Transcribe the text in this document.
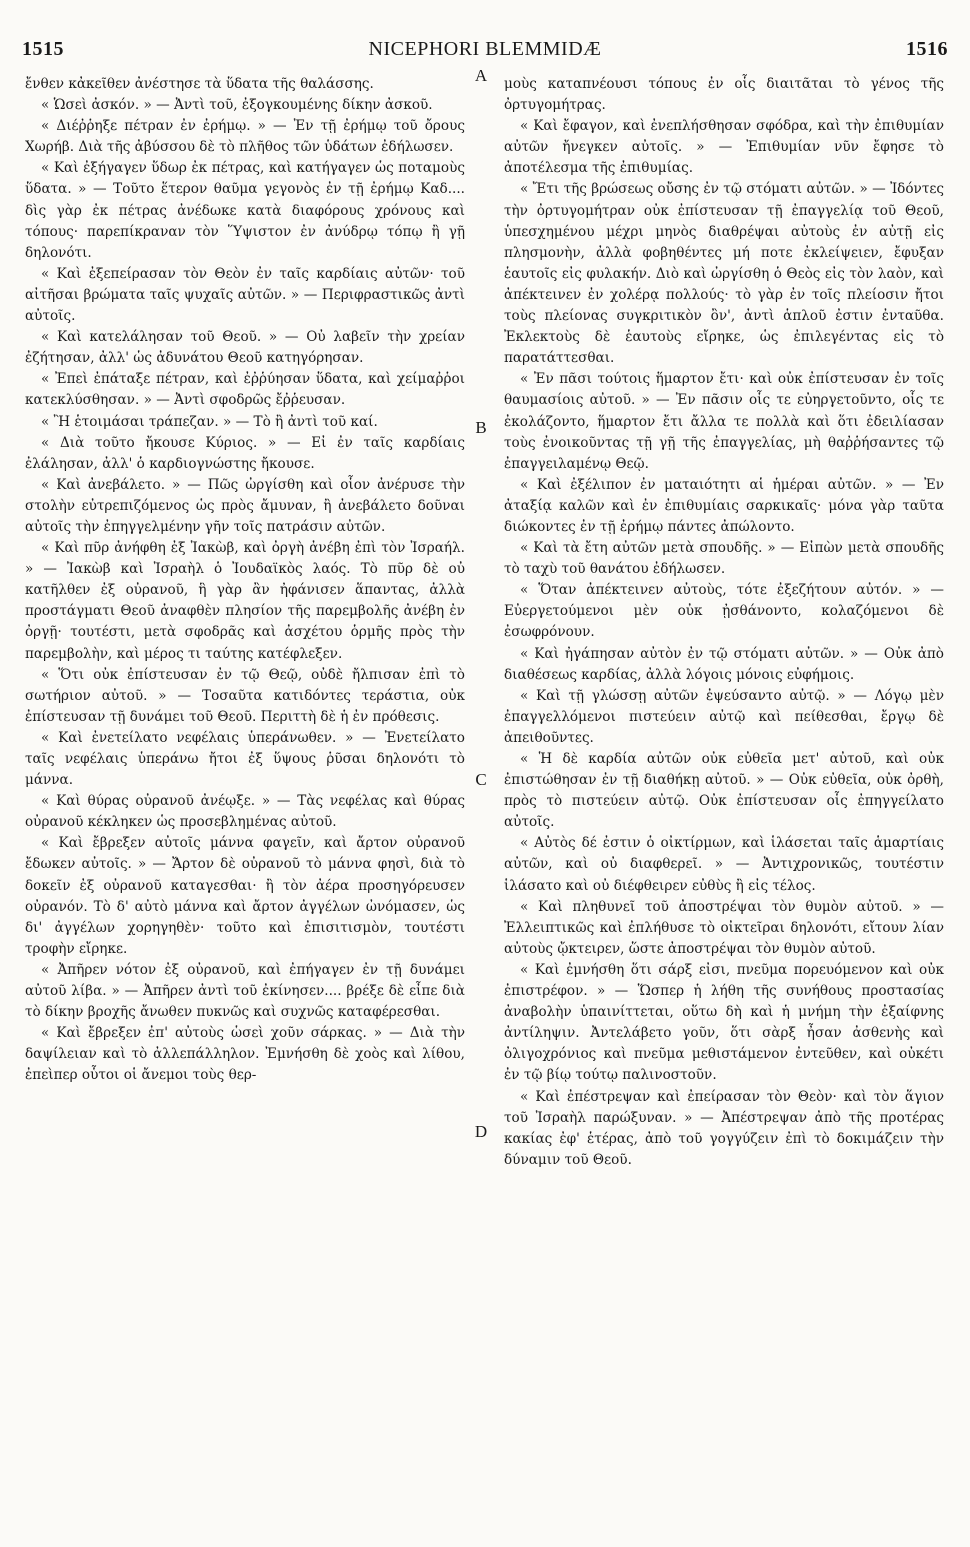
1515	NICEPHORI BLEMMIDÆ	1516
A
B
C
D

ἔνθεν κἀκεῖθεν ἀνέστησε τὰ ὕδατα τῆς θαλάσσης.

« Ὡσεὶ ἀσκόν. » — Ἀντὶ τοῦ, ἐξογκουμένης δίκην ἀσκοῦ.

« Διέῤῥηξε πέτραν ἐν ἐρήμῳ. » — Ἐν τῇ ἐρήμῳ τοῦ ὄρους Χωρήβ. Διὰ τῆς ἀβύσσου δὲ τὸ πλῆθος τῶν ὑδάτων ἐδήλωσεν.

« Καὶ ἐξήγαγεν ὕδωρ ἐκ πέτρας, καὶ κατήγαγεν ὡς ποταμοὺς ὕδατα. » — Τοῦτο ἕτερον θαῦμα γεγονὸς ἐν τῇ ἐρήμῳ Καδ.... δὶς γὰρ ἐκ πέτρας ἀνέδωκε κατὰ διαφόρους χρόνους καὶ τόπους· παρεπίκραναν τὸν Ὕψιστον ἐν ἀνύδρῳ τόπῳ ἢ γῇ δηλονότι.

« Καὶ ἐξεπείρασαν τὸν Θεὸν ἐν ταῖς καρδίαις αὐτῶν· τοῦ αἰτῆσαι βρώματα ταῖς ψυχαῖς αὐτῶν. » — Περιφραστικῶς ἀντὶ αὐτοῖς.

« Καὶ κατελάλησαν τοῦ Θεοῦ. » — Οὐ λαβεῖν τὴν χρείαν ἐζήτησαν, ἀλλ' ὡς ἀδυνάτου Θεοῦ κατηγόρησαν.

« Ἐπεὶ ἐπάταξε πέτραν, καὶ ἐῤῥύησαν ὕδατα, καὶ χείμαῤῥοι κατεκλύσθησαν. » — Ἀντὶ σφοδρῶς ἔῤῥευσαν.

« Ἢ ἑτοιμάσαι τράπεζαν. » — Τὸ ἢ ἀντὶ τοῦ καί.

« Διὰ τοῦτο ἤκουσε Κύριος. » — Εἰ ἐν ταῖς καρδίαις ἐλάλησαν, ἀλλ' ὁ καρδιογνώστης ἤκουσε.

« Καὶ ἀνεβάλετο. » — Πῶς ὠργίσθη καὶ οἷον ἀνέρυσε τὴν στολὴν εὐτρεπιζόμενος ὡς πρὸς ἄμυναν, ἢ ἀνεβάλετο δοῦναι αὐτοῖς τὴν ἐπηγγελμένην γῆν τοῖς πατράσιν αὐτῶν.

« Καὶ πῦρ ἀνήφθη ἐξ Ἰακὼβ, καὶ ὀργὴ ἀνέβη ἐπὶ τὸν Ἰσραήλ. » — Ἰακὼβ καὶ Ἰσραὴλ ὁ Ἰουδαϊκὸς λαός. Τὸ πῦρ δὲ οὐ κατῆλθεν ἐξ οὐρανοῦ, ἣ γὰρ ἂν ἠφάνισεν ἅπαντας, ἀλλὰ προστάγματι Θεοῦ ἀναφθὲν πλησίον τῆς παρεμβολῆς ἀνέβη ἐν ὀργῇ· τουτέστι, μετὰ σφοδρᾶς καὶ ἀσχέτου ὁρμῆς πρὸς τὴν παρεμβολὴν, καὶ μέρος τι ταύτης κατέφλεξεν.

« Ὅτι οὐκ ἐπίστευσαν ἐν τῷ Θεῷ, οὐδὲ ἤλπισαν ἐπὶ τὸ σωτήριον αὐτοῦ. » — Τοσαῦτα κατιδόντες τεράστια, οὐκ ἐπίστευσαν τῇ δυνάμει τοῦ Θεοῦ. Περιττὴ δὲ ἡ ἐν πρόθεσις.

« Καὶ ἐνετείλατο νεφέλαις ὑπεράνωθεν. » — Ἐνετείλατο ταῖς νεφέλαις ὑπεράνω ἤτοι ἐξ ὕψους ῥῦσαι δηλονότι τὸ μάννα.

« Καὶ θύρας οὐρανοῦ ἀνέῳξε. » — Τὰς νεφέλας καὶ θύρας οὐρανοῦ κέκληκεν ὡς προσεβλημένας αὐτοῦ.

« Καὶ ἔβρεξεν αὐτοῖς μάννα φαγεῖν, καὶ ἄρτον οὐρανοῦ ἔδωκεν αὐτοῖς. » — Ἄρτον δὲ οὐρανοῦ τὸ μάννα φησὶ, διὰ τὸ δοκεῖν ἐξ οὐρανοῦ καταγεσθαι· ἢ τὸν ἀέρα προσηγόρευσεν οὐρανόν. Τὸ δ' αὐτὸ μάννα καὶ ἄρτον ἀγγέλων ὠνόμασεν, ὡς δι' ἀγγέλων χορηγηθὲν· τοῦτο καὶ ἐπισιτισμὸν, τουτέστι τροφὴν εἴρηκε.

« Ἀπῆρεν νότον ἐξ οὐρανοῦ, καὶ ἐπήγαγεν ἐν τῇ δυνάμει αὐτοῦ λίβα. » — Ἀπῆρεν ἀντὶ τοῦ ἐκίνησεν.... βρέξε δὲ εἶπε διὰ τὸ δίκην βροχῆς ἄνωθεν πυκνῶς καὶ συχνῶς καταφέρεσθαι.

« Καὶ ἔβρεξεν ἐπ' αὐτοὺς ὡσεὶ χοῦν σάρκας. » — Διὰ τὴν δαψίλειαν καὶ τὸ ἀλλεπάλληλον. Ἐμνήσθη δὲ χοὸς καὶ λίθου, ἐπεὶπερ οὗτοι οἱ ἄνεμοι τοὺς θερ-

μοὺς καταπνέουσι τόπους ἐν οἷς διαιτᾶται τὸ γένος τῆς ὀρτυγομήτρας.

« Καὶ ἔφαγον, καὶ ἐνεπλήσθησαν σφόδρα, καὶ τὴν ἐπιθυμίαν αὐτῶν ἤνεγκεν αὐτοῖς. » — Ἐπιθυμίαν νῦν ἔφησε τὸ ἀποτέλεσμα τῆς ἐπιθυμίας.

« Ἔτι τῆς βρώσεως οὔσης ἐν τῷ στόματι αὐτῶν. » — Ἰδόντες τὴν ὀρτυγομήτραν οὐκ ἐπίστευσαν τῇ ἐπαγγελίᾳ τοῦ Θεοῦ, ὑπεσχημένου μέχρι μηνὸς διαθρέψαι αὐτοὺς ἐν αὐτῇ εἰς πλησμονὴν, ἀλλὰ φοβηθέντες μή ποτε ἐκλείψειεν, ἔφυξαν ἑαυτοῖς εἰς φυλακήν. Διὸ καὶ ὠργίσθη ὁ Θεὸς εἰς τὸν λαὸν, καὶ ἀπέκτεινεν ἐν χολέρᾳ πολλούς· τὸ γὰρ ἐν τοῖς πλείοσιν ἤτοι τοὺς πλείονας συγκριτικὸν ὂν', ἀντὶ ἁπλοῦ ἐστιν ἐνταῦθα. Ἐκλεκτοὺς δὲ ἑαυτοὺς εἴρηκε, ὡς ἐπιλεγέντας εἰς τὸ παρατάττεσθαι.

« Ἐν πᾶσι τούτοις ἥμαρτον ἔτι· καὶ οὐκ ἐπίστευσαν ἐν τοῖς θαυμασίοις αὐτοῦ. » — Ἐν πᾶσιν οἷς τε εὐηργετοῦντο, οἷς τε ἐκολάζοντο, ἥμαρτον ἔτι ἄλλα τε πολλὰ καὶ ὅτι ἐδειλίασαν τοὺς ἐνοικοῦντας τῇ γῇ τῆς ἐπαγγελίας, μὴ θαῤῥήσαντες τῷ ἐπαγγειλαμένῳ Θεῷ.

« Καὶ ἐξέλιπον ἐν ματαιότητι αἱ ἡμέραι αὐτῶν. » — Ἐν ἀταξίᾳ καλῶν καὶ ἐν ἐπιθυμίαις σαρκικαῖς· μόνα γὰρ ταῦτα διώκοντες ἐν τῇ ἐρήμῳ πάντες ἀπώλοντο.

« Καὶ τὰ ἔτη αὐτῶν μετὰ σπουδῆς. » — Εἰπὼν μετὰ σπουδῆς τὸ ταχὺ τοῦ θανάτου ἐδήλωσεν.

« Ὅταν ἀπέκτεινεν αὐτοὺς, τότε ἐξεζήτουν αὐτόν. » — Εὐεργετούμενοι μὲν οὐκ ᾐσθάνοντο, κολαζόμενοι δὲ ἐσωφρόνουν.

« Καὶ ἠγάπησαν αὐτὸν ἐν τῷ στόματι αὐτῶν. » — Οὐκ ἀπὸ διαθέσεως καρδίας, ἀλλὰ λόγοις μόνοις εὐφήμοις.

« Καὶ τῇ γλώσσῃ αὐτῶν ἐψεύσαντο αὐτῷ. » — Λόγῳ μὲν ἐπαγγελλόμενοι πιστεύειν αὐτῷ καὶ πείθεσθαι, ἔργῳ δὲ ἀπειθοῦντες.

« Ἡ δὲ καρδία αὐτῶν οὐκ εὐθεῖα μετ' αὐτοῦ, καὶ οὐκ ἐπιστώθησαν ἐν τῇ διαθήκῃ αὐτοῦ. » — Οὐκ εὐθεῖα, οὐκ ὀρθὴ, πρὸς τὸ πιστεύειν αὐτῷ. Οὐκ ἐπίστευσαν οἷς ἐπηγγείλατο αὐτοῖς.

« Αὐτὸς δέ ἐστιν ὁ οἰκτίρμων, καὶ ἱλάσεται ταῖς ἁμαρτίαις αὐτῶν, καὶ οὐ διαφθερεῖ. » — Ἀντιχρονικῶς, τουτέστιν ἱλάσατο καὶ οὐ διέφθειρεν εὐθὺς ἢ εἰς τέλος.

« Καὶ πληθυνεῖ τοῦ ἀποστρέψαι τὸν θυμὸν αὐτοῦ. » — Ἐλλειπτικῶς καὶ ἐπλήθυσε τὸ οἰκτεῖραι δηλονότι, εἴτουν λίαν αὐτοὺς ᾤκτειρεν, ὥστε ἀποστρέψαι τὸν θυμὸν αὐτοῦ.

« Καὶ ἐμνήσθη ὅτι σάρξ εἰσι, πνεῦμα πορευόμενον καὶ οὐκ ἐπιστρέφον. » — Ὥσπερ ἡ λήθη τῆς συνήθους προστασίας ἀναβολὴν ὑπαινίττεται, οὕτω δὴ καὶ ἡ μνήμη τὴν ἐξαίφνης ἀντίληψιν. Ἀντελάβετο γοῦν, ὅτι σὰρξ ἦσαν ἀσθενὴς καὶ ὀλιγοχρόνιος καὶ πνεῦμα μεθιστάμενον ἐντεῦθεν, καὶ οὐκέτι ἐν τῷ βίῳ τούτῳ παλινοστοῦν.

« Καὶ ἐπέστρεψαν καὶ ἐπείρασαν τὸν Θεὸν· καὶ τὸν ἅγιον τοῦ Ἰσραὴλ παρώξυναν. » — Ἀπέστρεψαν ἀπὸ τῆς προτέρας κακίας ἐφ' ἑτέρας, ἀπὸ τοῦ γογγύζειν ἐπὶ τὸ δοκιμάζειν τὴν δύναμιν τοῦ Θεοῦ.
